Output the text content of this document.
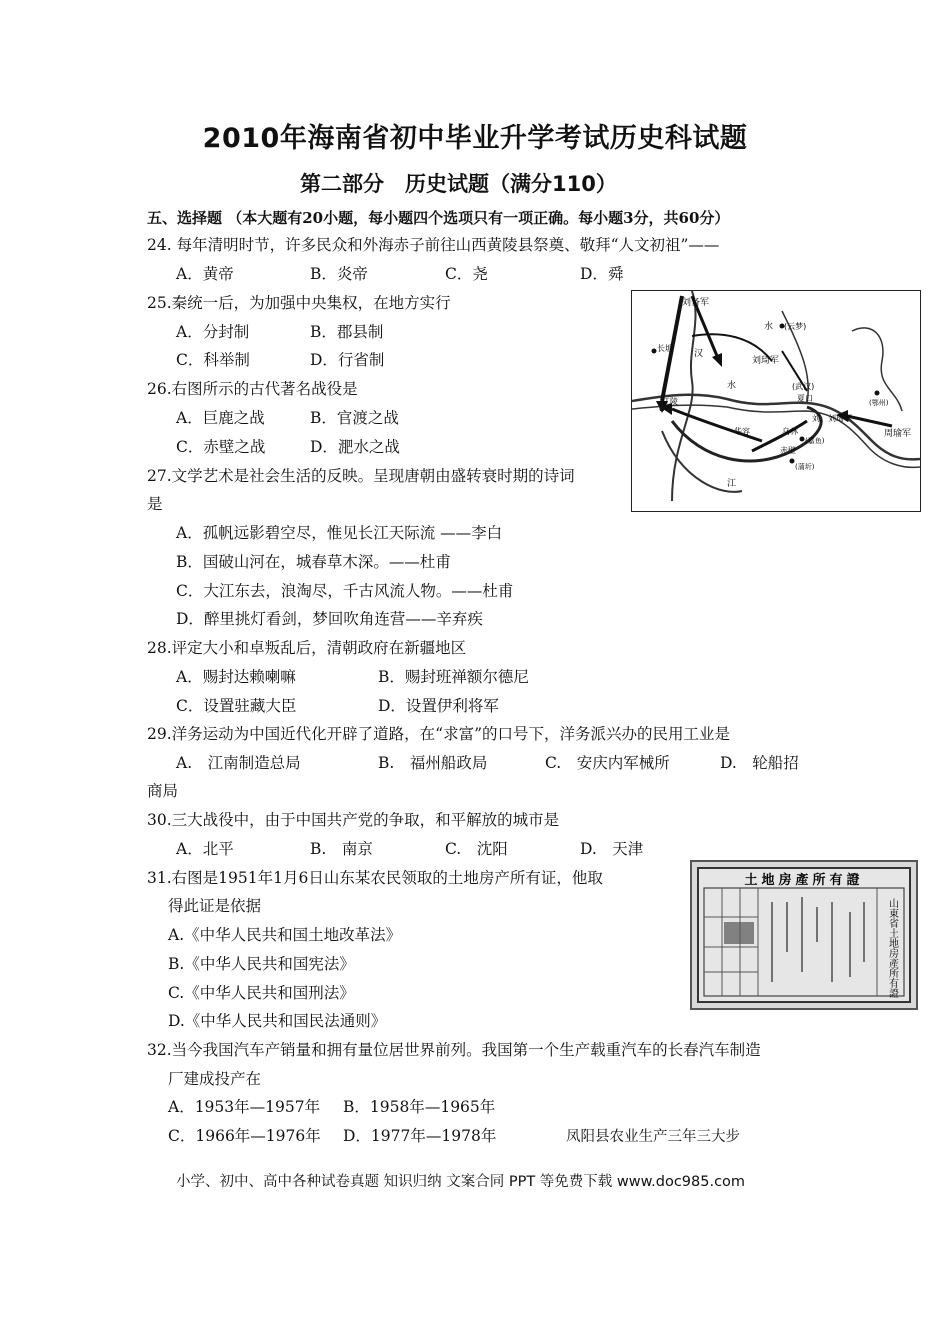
2010年海南省初中毕业升学考试历史科试题
第二部分　历史试题（满分110）
五、选择题 （本大题有20小题，每小题四个选项只有一项正确。每小题3分，共60分）
24. 每年清明时节，许多民众和外海赤子前往山西黄陵县祭奠、敬拜“人文初祖”——
A．黄帝	B．炎帝	C．尧	D．舜
25.秦统一后，为加强中央集权，在地方实行
A．分封制	B．郡县制
C．科举制	D．行省制
26.右图所示的古代著名战役是
A．巨鹿之战	B．官渡之战
C．赤壁之战	D．淝水之战
27.文学艺术是社会生活的反映。呈现唐朝由盛转衰时期的诗词
是
A．孤帆远影碧空尽，惟见长江天际流 ——李白
B．国破山河在，城春草木深。——杜甫
C．大江东去，浪淘尽，千古风流人物。——杜甫
D．醉里挑灯看剑，梦回吹角连营——辛弃疾
28.评定大小和卓叛乱后，清朝政府在新疆地区
A．赐封达赖喇嘛	B．赐封班禅额尔德尼
C．设置驻藏大臣	D．设置伊利将军
29.洋务运动为中国近代化开辟了道路，在“求富”的口号下，洋务派兴办的民用工业是
A.　江南制造总局	B.　福州船政局	C.　安庆内军械所	D.　轮船招
商局
30.三大战役中，由于中国共产党的争取，和平解放的城市是
A．北平	B.　南京	C.　沈阳	D.　天津
31.右图是1951年1月6日山东某农民领取的土地房产所有证，他取
得此证是依据
A.《中华人民共和国土地改革法》
B.《中华人民共和国宪法》
C.《中华人民共和国刑法》
D.《中华人民共和国民法通则》
32.当今我国汽车产销量和拥有量位居世界前列。我国第一个生产载重汽车的长春汽车制造
厂建成投产在
A．1953年—1957年 B．1958年—1965年
C．1966年—1976年 D．1977年—1978年	凤阳县农业生产三年三大步
刘备军
水 (云梦)
长坂
汉
刘琦军
水	(武汉)
夏口	(鄂州)
刘、刘琦军
江陵
华容	乌林
赤壁
(嘉鱼)
(蒲圻)
江
周瑜军
土地房產所有證
山東省土地房產所有證
小学、初中、高中各种试卷真题 知识归纳 文案合同 PPT 等免费下载 www.doc985.com
